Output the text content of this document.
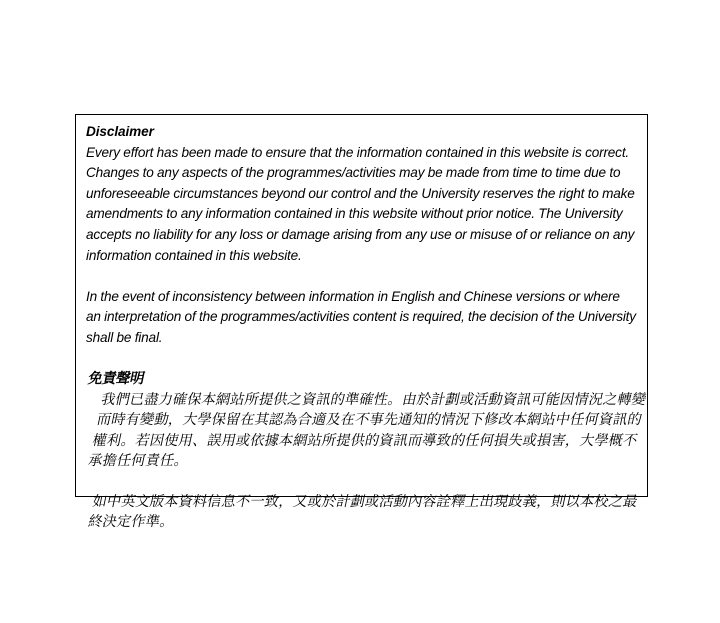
Disclaimer

Every effort has been made to ensure that the information contained in this website is correct. Changes to any aspects of the programmes/activities may be made from time to time due to unforeseeable circumstances beyond our control and the University reserves the right to make amendments to any information contained in this website without prior notice. The University accepts no liability for any loss or damage arising from any use or misuse of or reliance on any information contained in this website.

In the event of inconsistency between information in English and Chinese versions or where an interpretation of the programmes/activities content is required, the decision of the University shall be final.

免責聲明

我們已盡力確保本網站所提供之資訊的準確性。由於計劃或活動資訊可能因情況之轉變而時有變動，大學保留在其認為合適及在不事先通知的情況下修改本網站中任何資訊的權利。若因使用、誤用或依據本網站所提供的資訊而導致的任何損失或損害，大學概不承擔任何責任。

如中英文版本資料信息不一致，又或於計劃或活動內容詮釋上出現歧義，則以本校之最終決定作準。
